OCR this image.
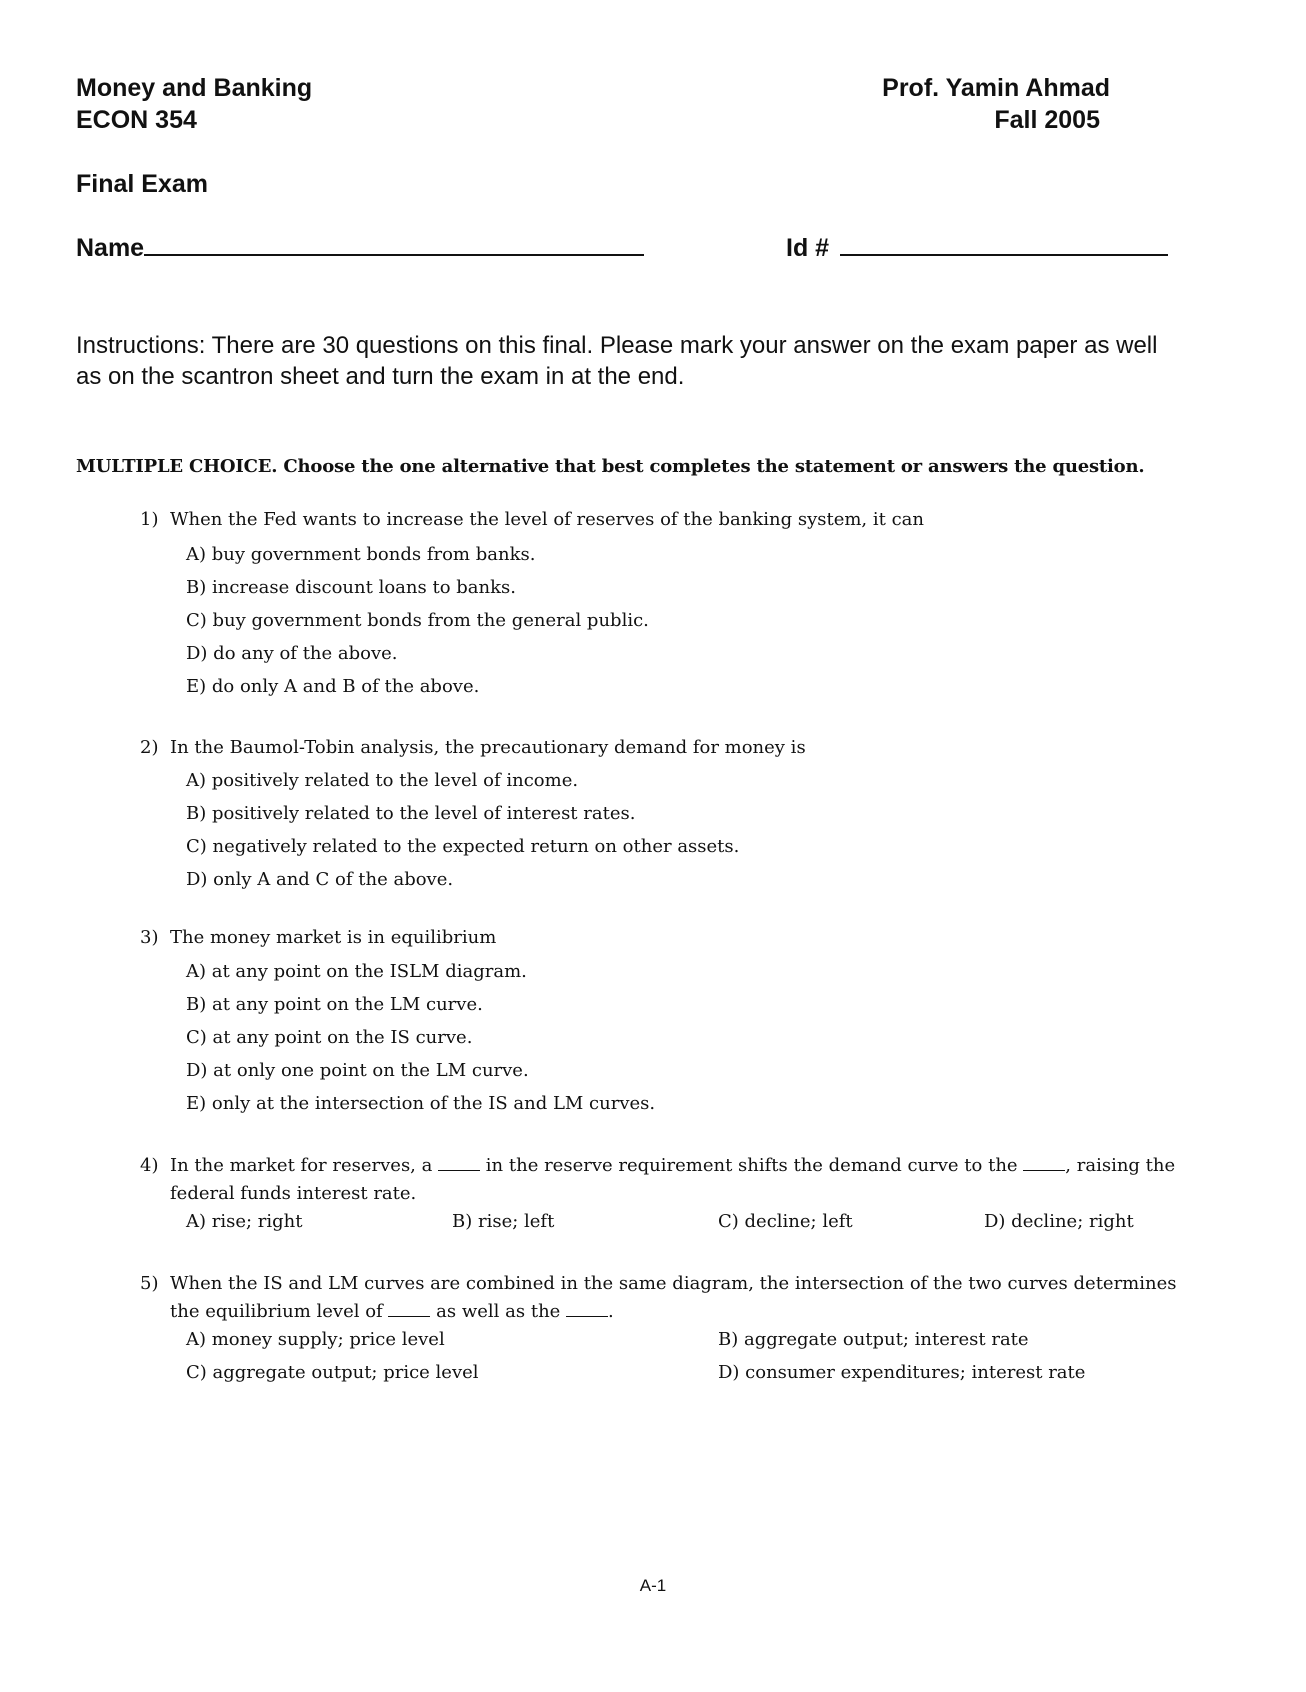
Money and Banking
ECON 354
Prof. Yamin Ahmad
Fall 2005
Final Exam
Name	Id #
Instructions: There are 30 questions on this final. Please mark your answer on the exam paper as well as on the scantron sheet and turn the exam in at the end.
MULTIPLE CHOICE. Choose the one alternative that best completes the statement or answers the question.
1) When the Fed wants to increase the level of reserves of the banking system, it can
A) buy government bonds from banks.
B) increase discount loans to banks.
C) buy government bonds from the general public.
D) do any of the above.
E) do only A and B of the above.
2) In the Baumol-Tobin analysis, the precautionary demand for money is
A) positively related to the level of income.
B) positively related to the level of interest rates.
C) negatively related to the expected return on other assets.
D) only A and C of the above.
3) The money market is in equilibrium
A) at any point on the ISLM diagram.
B) at any point on the LM curve.
C) at any point on the IS curve.
D) at only one point on the LM curve.
E) only at the intersection of the IS and LM curves.
4) In the market for reserves, a  in the reserve requirement shifts the demand curve to the , raising the
federal funds interest rate.
A) rise; right	B) rise; left	C) decline; left	D) decline; right
5) When the IS and LM curves are combined in the same diagram, the intersection of the two curves determines
the equilibrium level of  as well as the .
A) money supply; price level	B) aggregate output; interest rate
C) aggregate output; price level	D) consumer expenditures; interest rate
A-1
